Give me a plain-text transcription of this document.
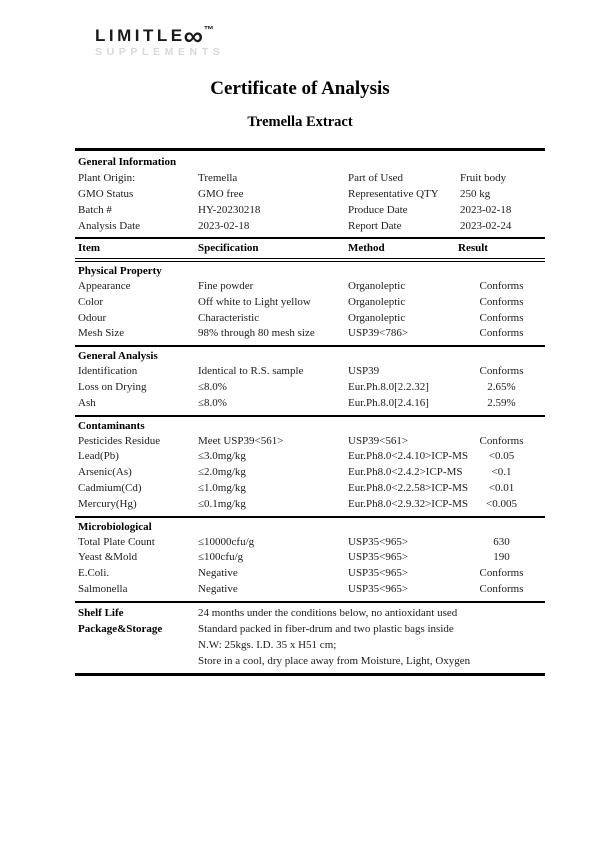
LIMITLE
∞ ™
SUPPLEMENTS
Certificate of Analysis
Tremella Extract
General Information
Plant Origin:	Tremella	Part of Used	Fruit body
GMO Status	GMO free	Representative QTY	250 kg
Batch #	HY-20230218	Produce Date	2023-02-18
Analysis Date	2023-02-18	Report Date	2023-02-24
Item	Specification	Method	Result
Physical Property
Appearance	Fine powder	Organoleptic	Conforms
Color	Off white to Light yellow	Organoleptic	Conforms
Odour	Characteristic	Organoleptic	Conforms
Mesh Size	98% through 80 mesh size	USP39<786>	Conforms
General Analysis
Identification	Identical to R.S. sample	USP39	Conforms
Loss on Drying	≤8.0%	Eur.Ph.8.0[2.2.32]	2.65%
Ash	≤8.0%	Eur.Ph.8.0[2.4.16]	2.59%
Contaminants
Pesticides Residue	Meet USP39<561>	USP39<561>	Conforms
Lead(Pb)	≤3.0mg/kg	Eur.Ph8.0<2.4.10>ICP-MS	<0.05
Arsenic(As)	≤2.0mg/kg	Eur.Ph8.0<2.4.2>ICP-MS	<0.1
Cadmium(Cd)	≤1.0mg/kg	Eur.Ph8.0<2.2.58>ICP-MS	<0.01
Mercury(Hg)	≤0.1mg/kg	Eur.Ph8.0<2.9.32>ICP-MS	<0.005
Microbiological
Total Plate Count	≤10000cfu/g	USP35<965>	630
Yeast &Mold	≤100cfu/g	USP35<965>	190
E.Coli.	Negative	USP35<965>	Conforms
Salmonella	Negative	USP35<965>	Conforms
Shelf Life	24 months under the conditions below, no antioxidant used
Package&Storage	Standard packed in fiber-drum and two plastic bags inside
N.W: 25kgs. I.D. 35 x H51 cm;
Store in a cool, dry place away from Moisture, Light, Oxygen
